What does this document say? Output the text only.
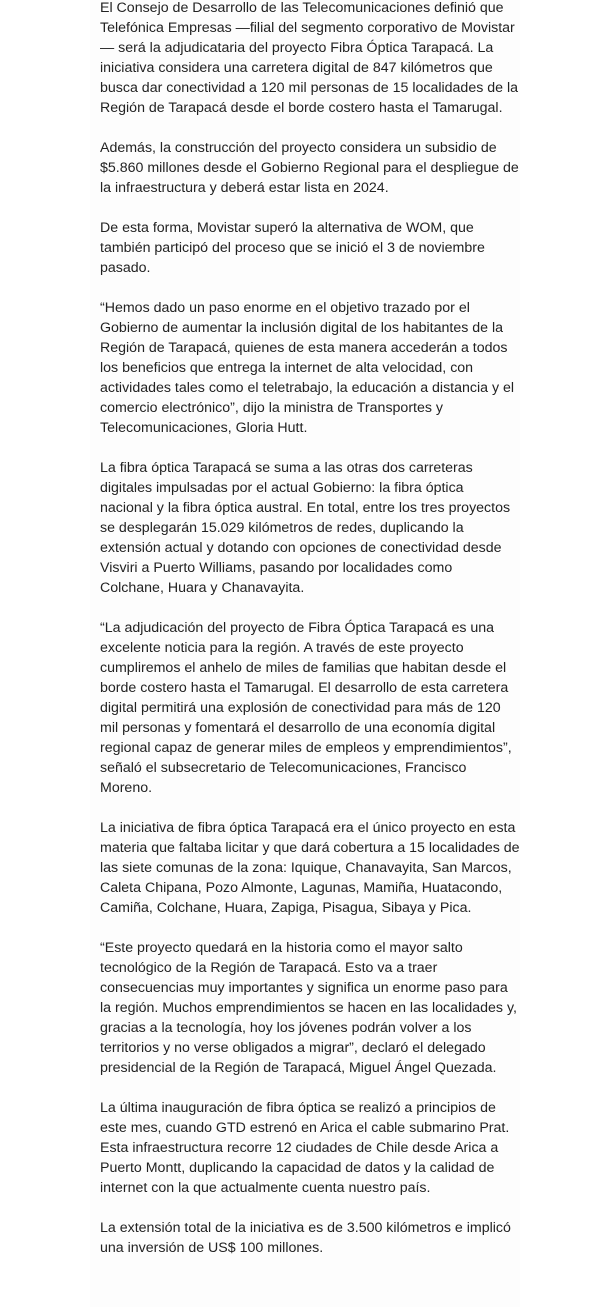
El Consejo de Desarrollo de las Telecomunicaciones definió que Telefónica Empresas —filial del segmento corporativo de Movistar — será la adjudicataria del proyecto Fibra Óptica Tarapacá. La iniciativa considera una carretera digital de 847 kilómetros que busca dar conectividad a 120 mil personas de 15 localidades de la Región de Tarapacá desde el borde costero hasta el Tamarugal.

Además, la construcción del proyecto considera un subsidio de $5.860 millones desde el Gobierno Regional para el despliegue de la infraestructura y deberá estar lista en 2024.

De esta forma, Movistar superó la alternativa de WOM, que también participó del proceso que se inició el 3 de noviembre pasado.

“Hemos dado un paso enorme en el objetivo trazado por el Gobierno de aumentar la inclusión digital de los habitantes de la Región de Tarapacá, quienes de esta manera accederán a todos los beneficios que entrega la internet de alta velocidad, con actividades tales como el teletrabajo, la educación a distancia y el comercio electrónico”, dijo la ministra de Transportes y Telecomunicaciones, Gloria Hutt.

La fibra óptica Tarapacá se suma a las otras dos carreteras digitales impulsadas por el actual Gobierno: la fibra óptica nacional y la fibra óptica austral. En total, entre los tres proyectos se desplegarán 15.029 kilómetros de redes, duplicando la extensión actual y dotando con opciones de conectividad desde Visviri a Puerto Williams, pasando por localidades como Colchane, Huara y Chanavayita.

“La adjudicación del proyecto de Fibra Óptica Tarapacá es una excelente noticia para la región. A través de este proyecto cumpliremos el anhelo de miles de familias que habitan desde el borde costero hasta el Tamarugal. El desarrollo de esta carretera digital permitirá una explosión de conectividad para más de 120 mil personas y fomentará el desarrollo de una economía digital regional capaz de generar miles de empleos y emprendimientos”, señaló el subsecretario de Telecomunicaciones, Francisco Moreno.

La iniciativa de fibra óptica Tarapacá era el único proyecto en esta materia que faltaba licitar y que dará cobertura a 15 localidades de las siete comunas de la zona: Iquique, Chanavayita, San Marcos, Caleta Chipana, Pozo Almonte, Lagunas, Mamiña, Huatacondo, Camiña, Colchane, Huara, Zapiga, Pisagua, Sibaya y Pica.

“Este proyecto quedará en la historia como el mayor salto tecnológico de la Región de Tarapacá. Esto va a traer consecuencias muy importantes y significa un enorme paso para la región. Muchos emprendimientos se hacen en las localidades y, gracias a la tecnología, hoy los jóvenes podrán volver a los territorios y no verse obligados a migrar”, declaró el delegado presidencial de la Región de Tarapacá, Miguel Ángel Quezada.

La última inauguración de fibra óptica se realizó a principios de este mes, cuando GTD estrenó en Arica el cable submarino Prat. Esta infraestructura recorre 12 ciudades de Chile desde Arica a Puerto Montt, duplicando la capacidad de datos y la calidad de internet con la que actualmente cuenta nuestro país.

La extensión total de la iniciativa es de 3.500 kilómetros e implicó una inversión de US$ 100 millones.
